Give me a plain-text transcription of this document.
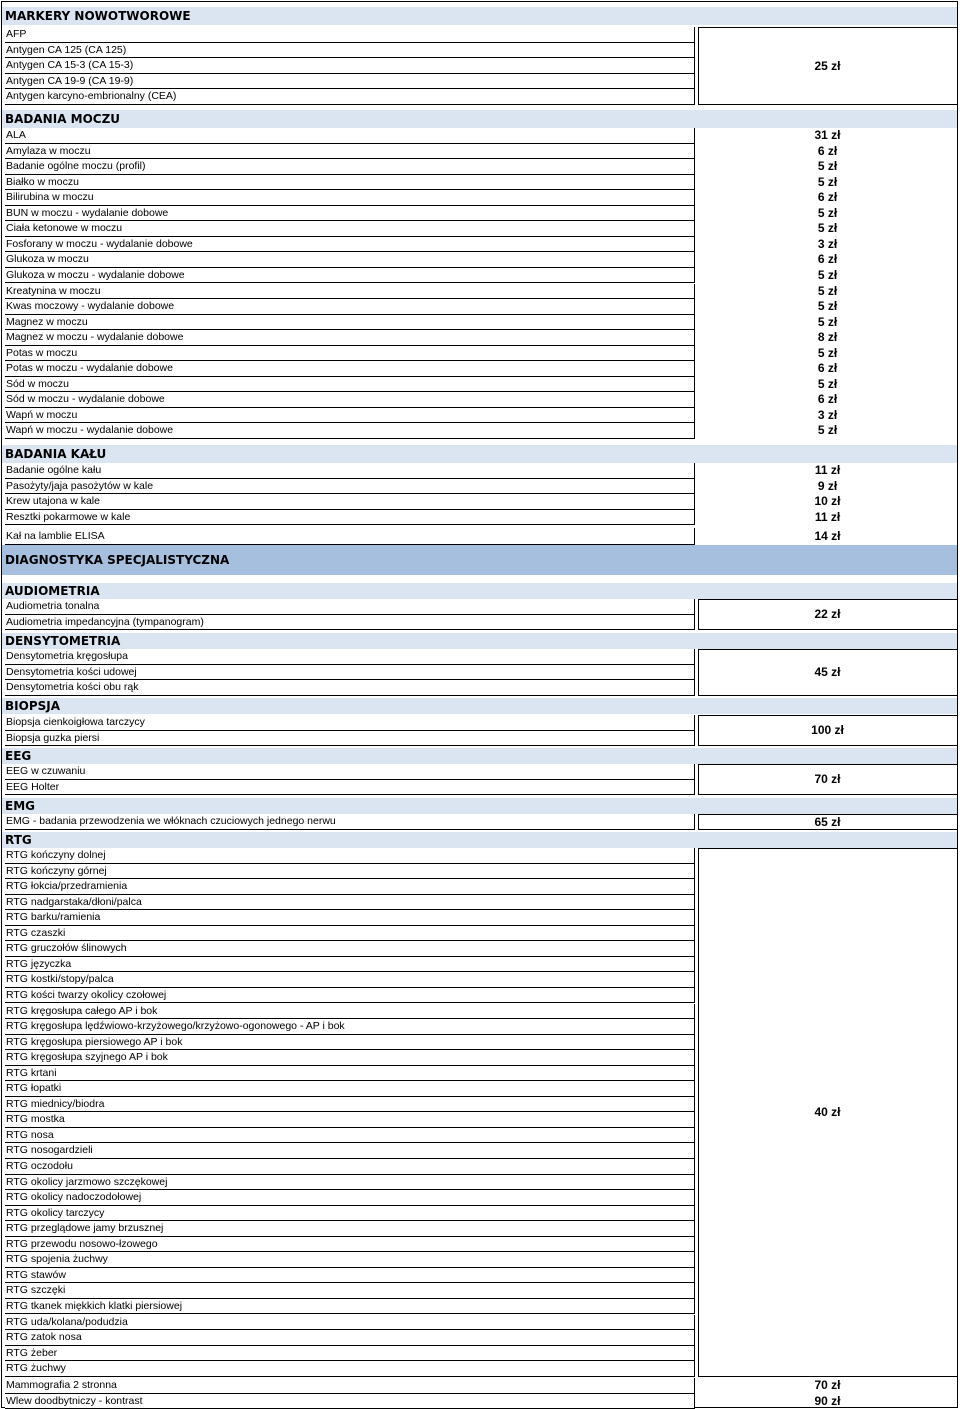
MARKERY NOWOTWOROWE
AFP
Antygen CA 125 (CA 125)
Antygen CA 15-3 (CA 15-3)
Antygen CA 19-9 (CA 19-9)
Antygen karcyno-embrionalny (CEA)
25 zł
BADANIA MOCZU
ALA
Amylaza w moczu
Badanie ogólne moczu (profil)
Białko w moczu
Bilirubina w moczu
BUN w moczu - wydalanie dobowe
Ciała ketonowe w moczu
Fosforany w moczu - wydalanie dobowe
Glukoza w moczu
Glukoza w moczu - wydalanie dobowe
Kreatynina w moczu
Kwas moczowy - wydalanie dobowe
Magnez w moczu
Magnez w moczu - wydalanie dobowe
Potas w moczu
Potas w moczu - wydalanie dobowe
Sód w moczu
Sód w moczu - wydalanie dobowe
Wapń w moczu
Wapń w moczu - wydalanie dobowe
31 zł
6 zł
5 zł
5 zł
6 zł
5 zł
5 zł
3 zł
6 zł
5 zł
5 zł
5 zł
5 zł
8 zł
5 zł
6 zł
5 zł
6 zł
3 zł
5 zł
BADANIA KAŁU
Badanie ogólne kału
Pasożyty/jaja pasożytów w kale
Krew utajona w kale
Resztki pokarmowe w kale
Kał na lamblie ELISA
11 zł
9 zł
10 zł
11 zł
14 zł
DIAGNOSTYKA SPECJALISTYCZNA
AUDIOMETRIA
Audiometria tonalna
Audiometria impedancyjna (tympanogram)
22 zł
DENSYTOMETRIA
Densytometria kręgosłupa
Densytometria kości udowej
Densytometria kości obu rąk
45 zł
BIOPSJA
Biopsja cienkoigłowa tarczycy
Biopsja guzka piersi
100 zł
EEG
EEG w czuwaniu
EEG Holter
70 zł
EMG
EMG - badania przewodzenia we włóknach czuciowych jednego nerwu	65 zł
RTG
RTG kończyny dolnej
RTG kończyny górnej
RTG łokcia/przedramienia
RTG nadgarstaka/dłoni/palca
RTG barku/ramienia
RTG czaszki
RTG gruczołów ślinowych
RTG języczka
RTG kostki/stopy/palca
RTG kości twarzy okolicy czołowej
RTG kręgosłupa całego AP i bok
RTG kręgosłupa lędźwiowo-krzyżowego/krzyżowo-ogonowego - AP i bok
RTG kręgosłupa piersiowego AP i bok
RTG kręgosłupa szyjnego AP i bok
RTG krtani
RTG łopatki
RTG miednicy/biodra
RTG mostka
RTG nosa
RTG nosogardzieli
RTG oczodołu
RTG okolicy jarzmowo szczękowej
RTG okolicy nadoczodołowej
RTG okolicy tarczycy
RTG przeglądowe jamy brzusznej
RTG przewodu nosowo-łzowego
RTG spojenia żuchwy
RTG stawów
RTG szczęki
RTG tkanek miękkich klatki piersiowej
RTG uda/kolana/podudzia
RTG zatok nosa
RTG żeber
RTG żuchwy
40 zł
Mammografia 2 stronna
Wlew doodbytniczy - kontrast
70 zł
90 zł
